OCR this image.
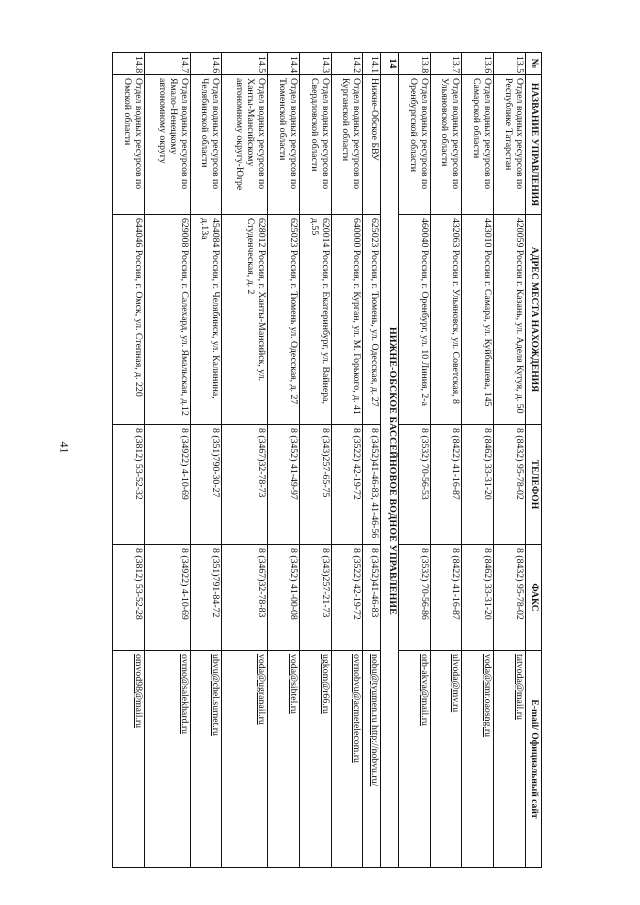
41
№	НАЗВАНИЕ УПРАВЛЕНИЯ	АДРЕС МЕСТА НАХОЖДЕНИЯ	ТЕЛЕФОН	ФАКС	E-mail/ Официальный сайт
13.5	Отдел водных ресурсов по Республике Татарстан	420059 Россия г. Казань, ул. Аделя Кутуя, д. 50	8 (8432) 95-78-02	8 (8432) 95-78-02	tatvoda@mail.ru
13.6	Отдел водных ресурсов по Самарской области	443010 Россия г. Самара, ул. Куйбышева, 145	8 (8462) 33-31-20	8 (8462) 33-31-20	voda@smr.oaosng.ru
13.7	Отдел водных ресурсов по Ульяновской области	432063 Россия г. Ульяновск, ул. Советская, 8	8 (8422) 41-16-87	8 (8422) 41-16-87	ulvoda@mv.ru
13.8	Отдел водных ресурсов по Оренбургской области	460040 Россия, г. Оренбург, ул. 10 Линия, 2-а	8 (3532) 70-56-53	8 (3532) 70-56-86	orb-akva@mail.ru
14	НИЖНЕ-ОБСКОЕ БАССЕЙНОВОЕ ВОДНОЕ УПРАВЛЕНИЕ				
14.1	Нижне-Обское БВУ	625023 Россия, г. Тюмень, ул. Одесская, д. 27	8 (3452)41-46-83, 41-46-56	8 (3452)41-46-83	nobu@tyumen.ru http://nobvu.ru/
14.2	Отдел водных ресурсов по Курганской области	640000 Россия, г. Курган, ул. М. Горького, д. 41	8 (3522) 42-19-72	8 (3522) 42-19-72	ovrnobvu@acmetelecom.ru
14.3	Отдел водных ресурсов по Свердловской области	620014 Россия, г. Екатеринбург, ул. Вайнера, д.55	8 (343)257-65-75	8 (343)257-21-73	ugkom@r66.ru
14.4	Отдел водных ресурсов по Тюменской области	625023 Россия, г. Тюмень ул. Одесская, д. 27	8 (3452) 41-49-97	8 (3452) 41-00-08	voda@sibtel.ru
14.5	Отдел водных ресурсов по Ханты-Мансийскому автономному округу-Югре	628012 Россия, г. Ханты-Мансийск, ул. Студенческая, д. 2	8 (3467)32-78-73	8 (3467)32-78-83	voda@ugranail.ru
14.6	Отдел водных ресурсов по Челябинской области	454084 Россия, г. Челябинск, ул. Калинина, д.13а	8 (351)790-30-27	8 (351)791-84-72	ubvu@chel.surnet.ru
14.7	Отдел водных ресурсов по Ямало-Ненецкому автономному округу	629008 Россия, г. Салехард, ул. Ямальская, д.12	8 (34922) 4-10-69	8 (34922) 4-10-69	ovrno@salekhard.ru
14.8	Отдел водных ресурсов по Омской области	644046 Россия, г. Омск, ул. Степная, д. 220	8 (3812) 53-52-32	8 (3812) 53-52-28	omvod98@mail.ru
